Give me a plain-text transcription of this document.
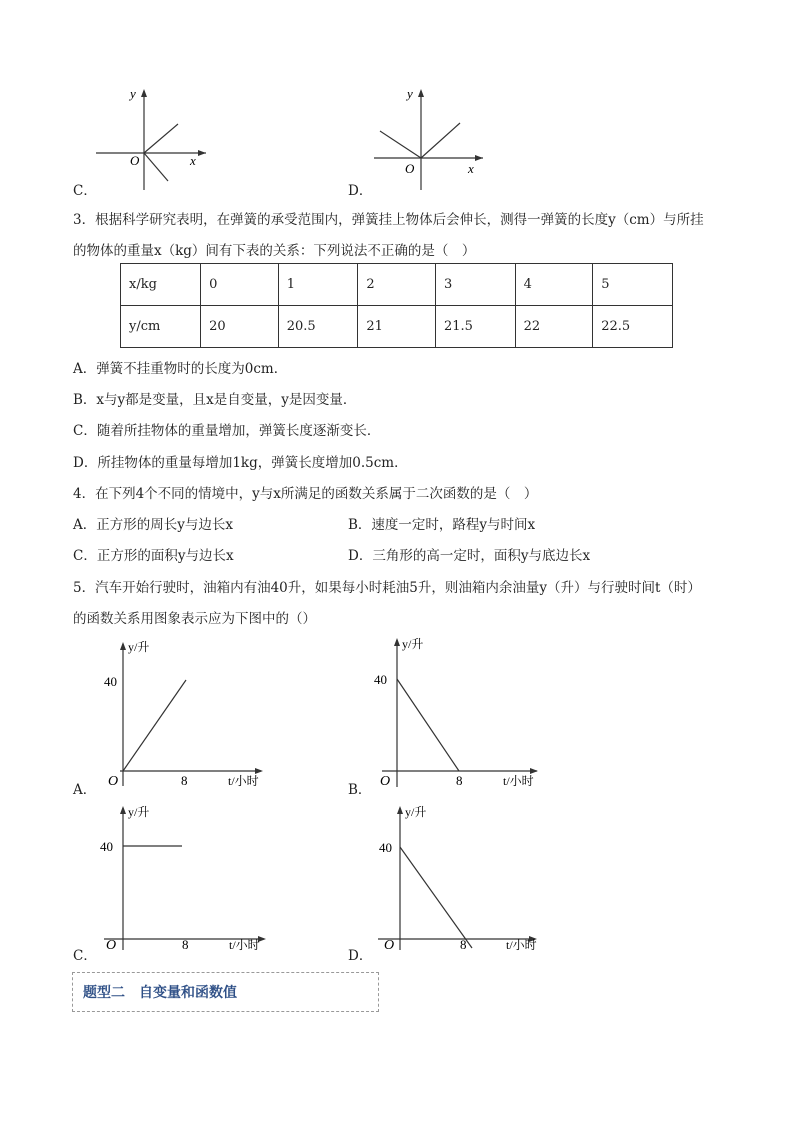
y
x
O
C．
y
x
O
D．
3．根据科学研究表明，在弹簧的承受范围内，弹簧挂上物体后会伸长，测得一弹簧的长度y（cm）与所挂
的物体的重量x（kg）间有下表的关系：下列说法不正确的是（　）
x/kg	0	1	2	3	4	5
y/cm	20	20.5	21	21.5	22	22.5
A．弹簧不挂重物时的长度为0cm．
B．x与y都是变量，且x是自变量，y是因变量．
C．随着所挂物体的重量增加，弹簧长度逐渐变长．
D．所挂物体的重量每增加1kg，弹簧长度增加0.5cm．
4．在下列4个不同的情境中，y与x所满足的函数关系属于二次函数的是（　）
A．正方形的周长y与边长x	B．速度一定时，路程y与时间x
C．正方形的面积y与边长x	D．三角形的高一定时，面积y与底边长x
5．汽车开始行驶时，油箱内有油40升，如果每小时耗油5升，则油箱内余油量y（升）与行驶时间t（时）
的函数关系用图象表示应为下图中的（）
y/升
40
8
O	t/小时
A．
y/升
40
8
O	t/小时
B．
y/升
40
8
O	t/小时
C．
y/升
40
8
O	t/小时
D．
题型二　自变量和函数值
